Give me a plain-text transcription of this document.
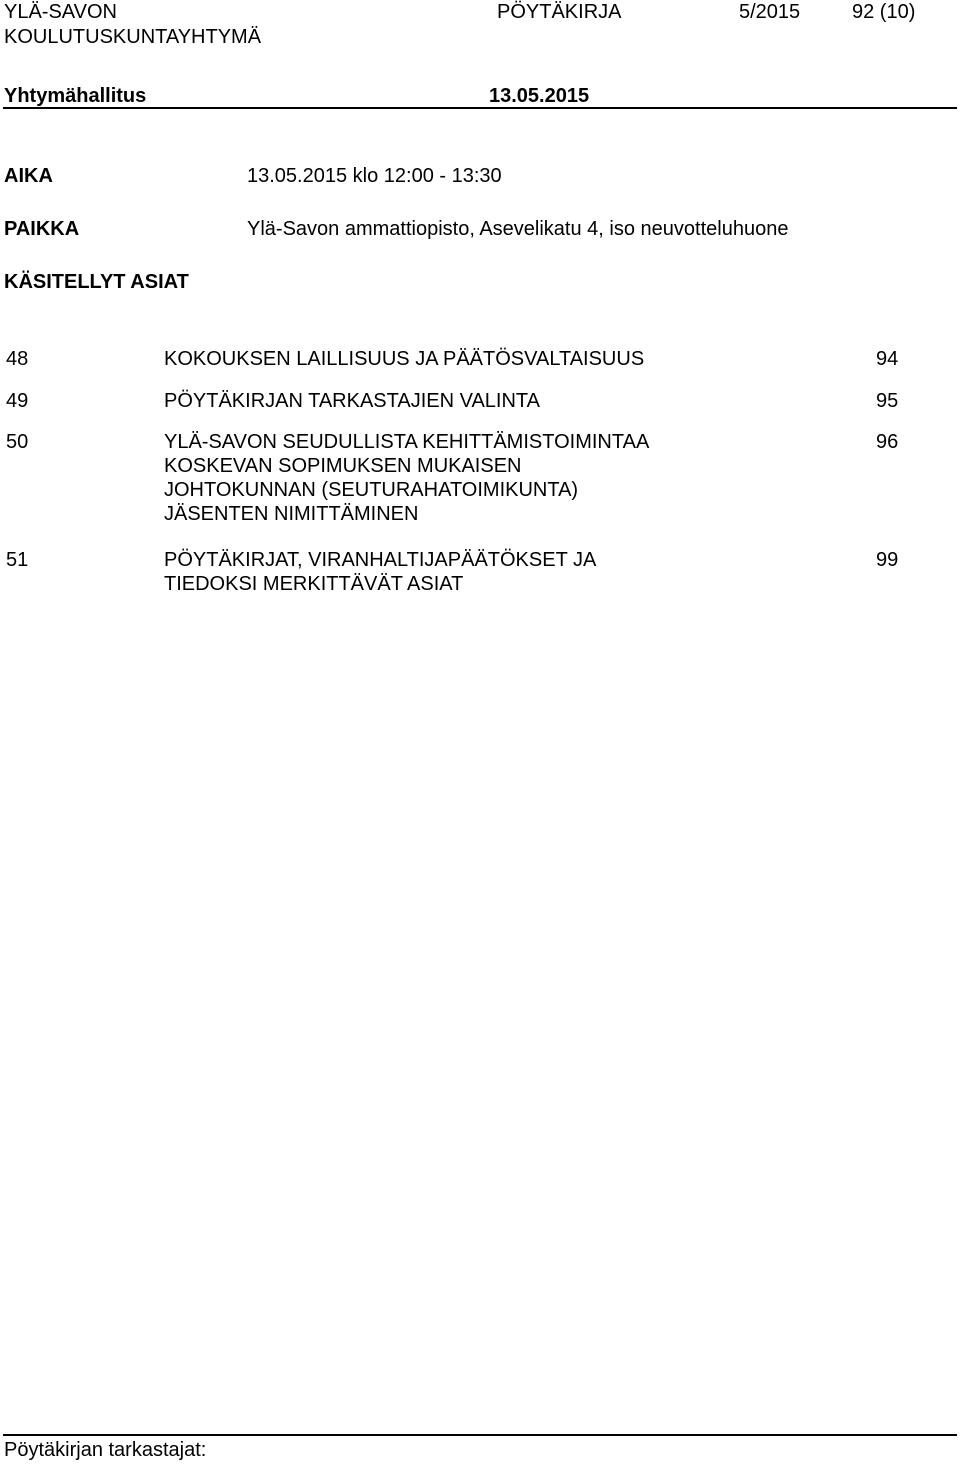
YLÄ-SAVON
KOULUTUSKUNTAYHTYMÄ
PÖYTÄKIRJA	5/2015	92 (10)
Yhtymähallitus	13.05.2015
AIKA	13.05.2015 klo 12:00 - 13:30
PAIKKA	Ylä-Savon ammattiopisto, Asevelikatu 4, iso neuvotteluhuone
KÄSITELLYT ASIAT
48	KOKOUKSEN LAILLISUUS JA PÄÄTÖSVALTAISUUS	94
49	PÖYTÄKIRJAN TARKASTAJIEN VALINTA	95
50	YLÄ-SAVON SEUDULLISTA KEHITTÄMISTOIMINTAA
KOSKEVAN SOPIMUKSEN MUKAISEN
JOHTOKUNNAN (SEUTURAHATOIMIKUNTA)
JÄSENTEN NIMITTÄMINEN
96
51	PÖYTÄKIRJAT, VIRANHALTIJAPÄÄTÖKSET JA
TIEDOKSI MERKITTÄVÄT ASIAT
99
Pöytäkirjan tarkastajat:
